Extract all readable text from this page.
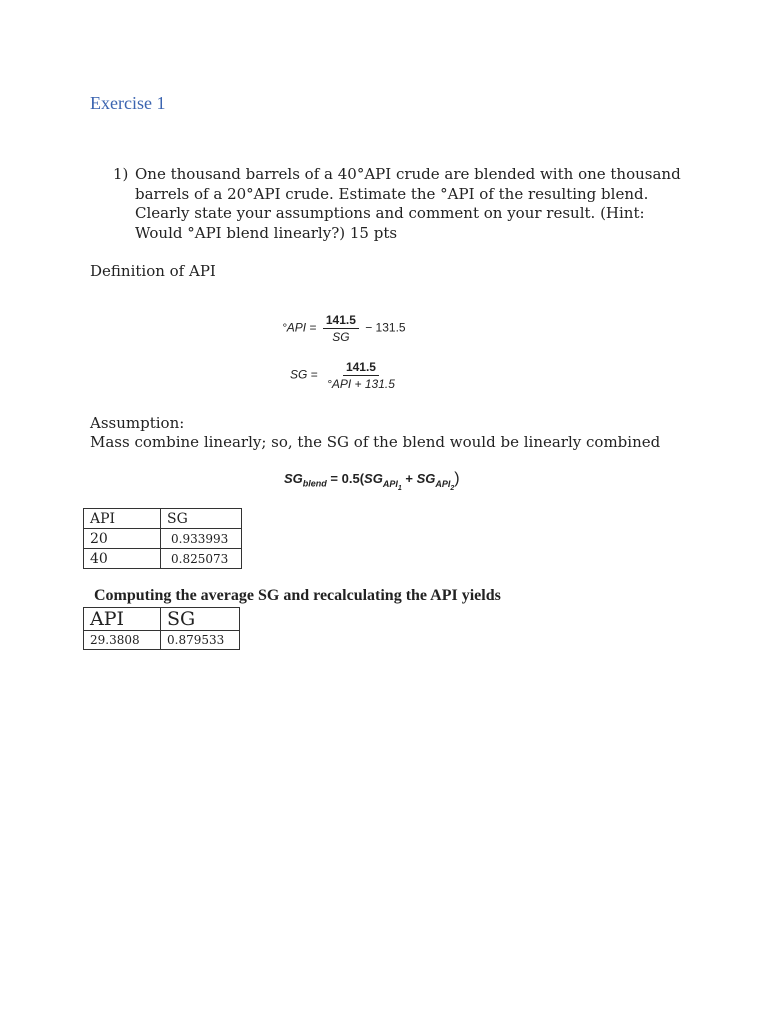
Exercise 1
1) One thousand barrels of a 40°API crude are blended with one thousand barrels of a 20°API crude. Estimate the °API of the resulting blend. Clearly state your assumptions and comment on your result. (Hint: Would °API blend linearly?) 15 pts
Definition of API
$^\circ API = \frac{141.5}{SG} - 131.5$
SG = $\frac{141.5}{\text{°API + 131.5}}$
Assumption:
Mass combine linearly; so, the SG of the blend would be linearly combined
$SG_{blend} = 0.5(SG_{API_1} + SG_{API_2})$
API	SG
20	0.933993
40	0.825073
Computing the average SG and recalculating the API yields
API	SG
29.3808	0.879533
